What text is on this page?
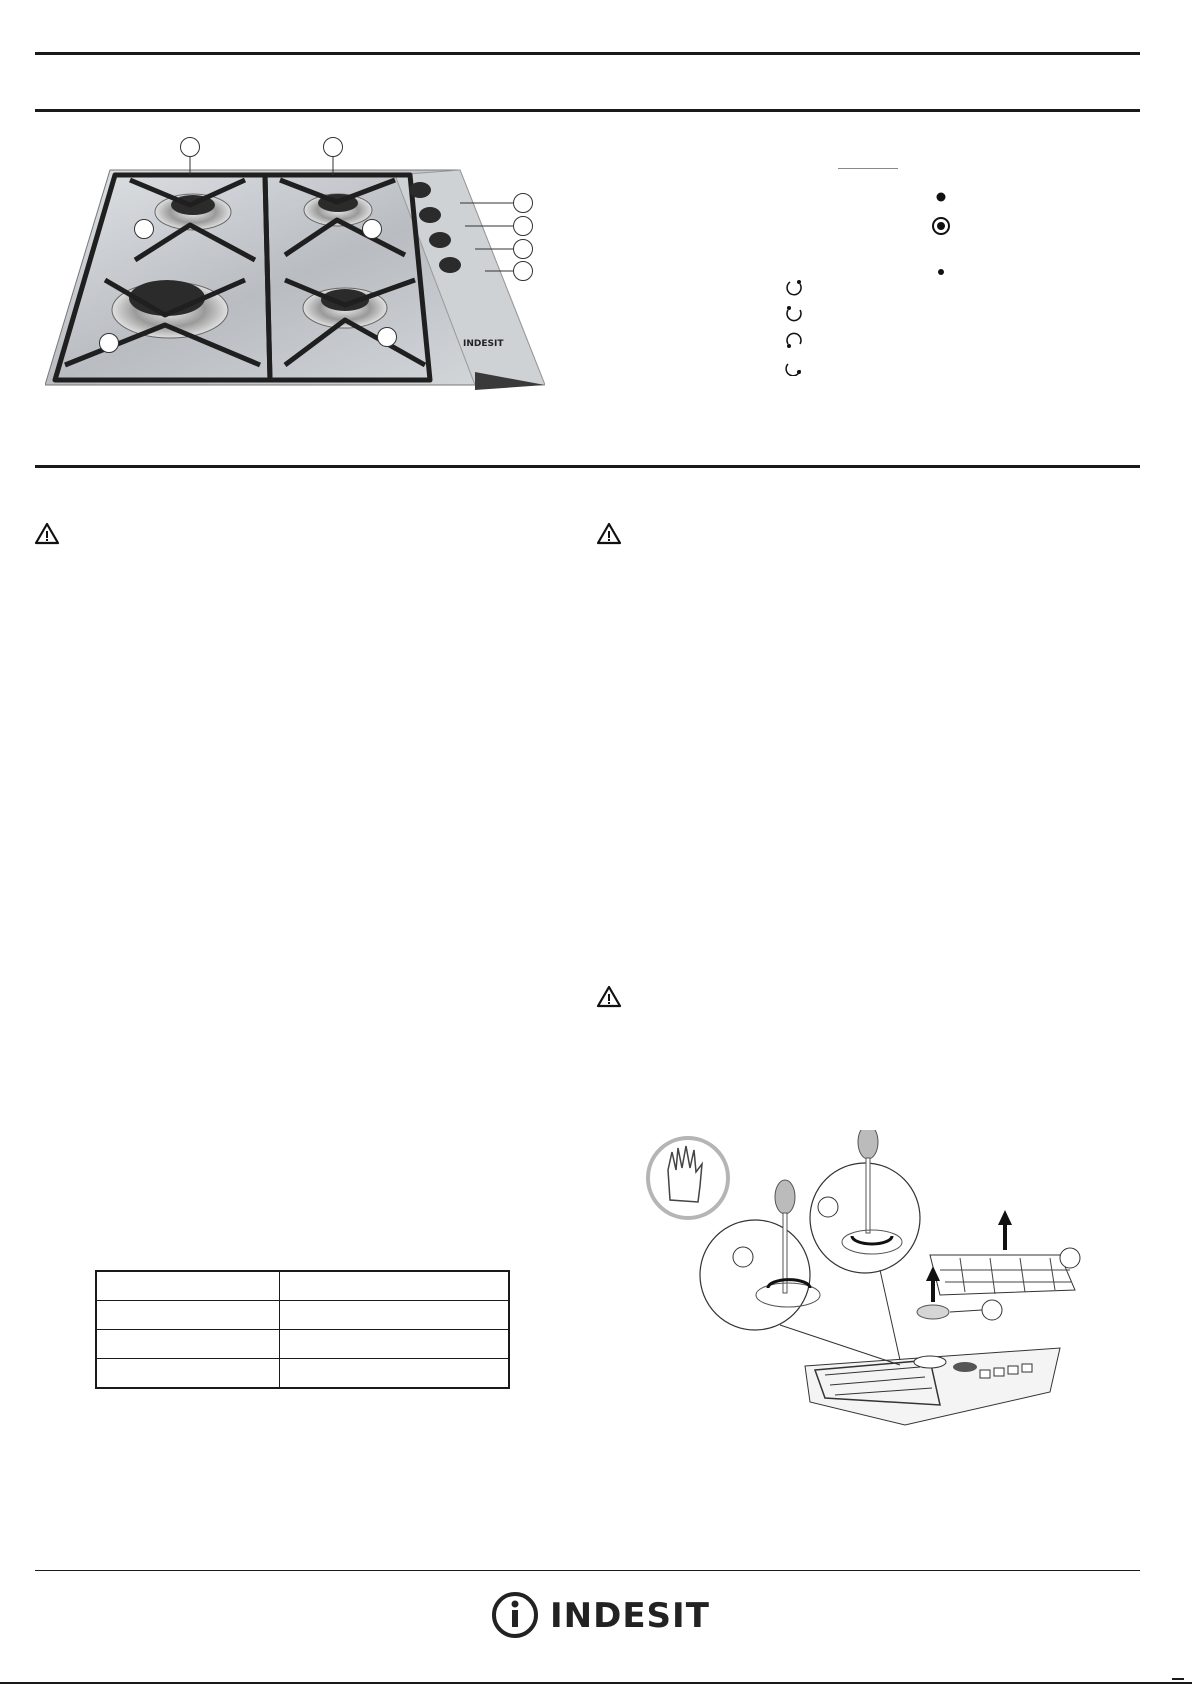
INDESIT

INDESIT
